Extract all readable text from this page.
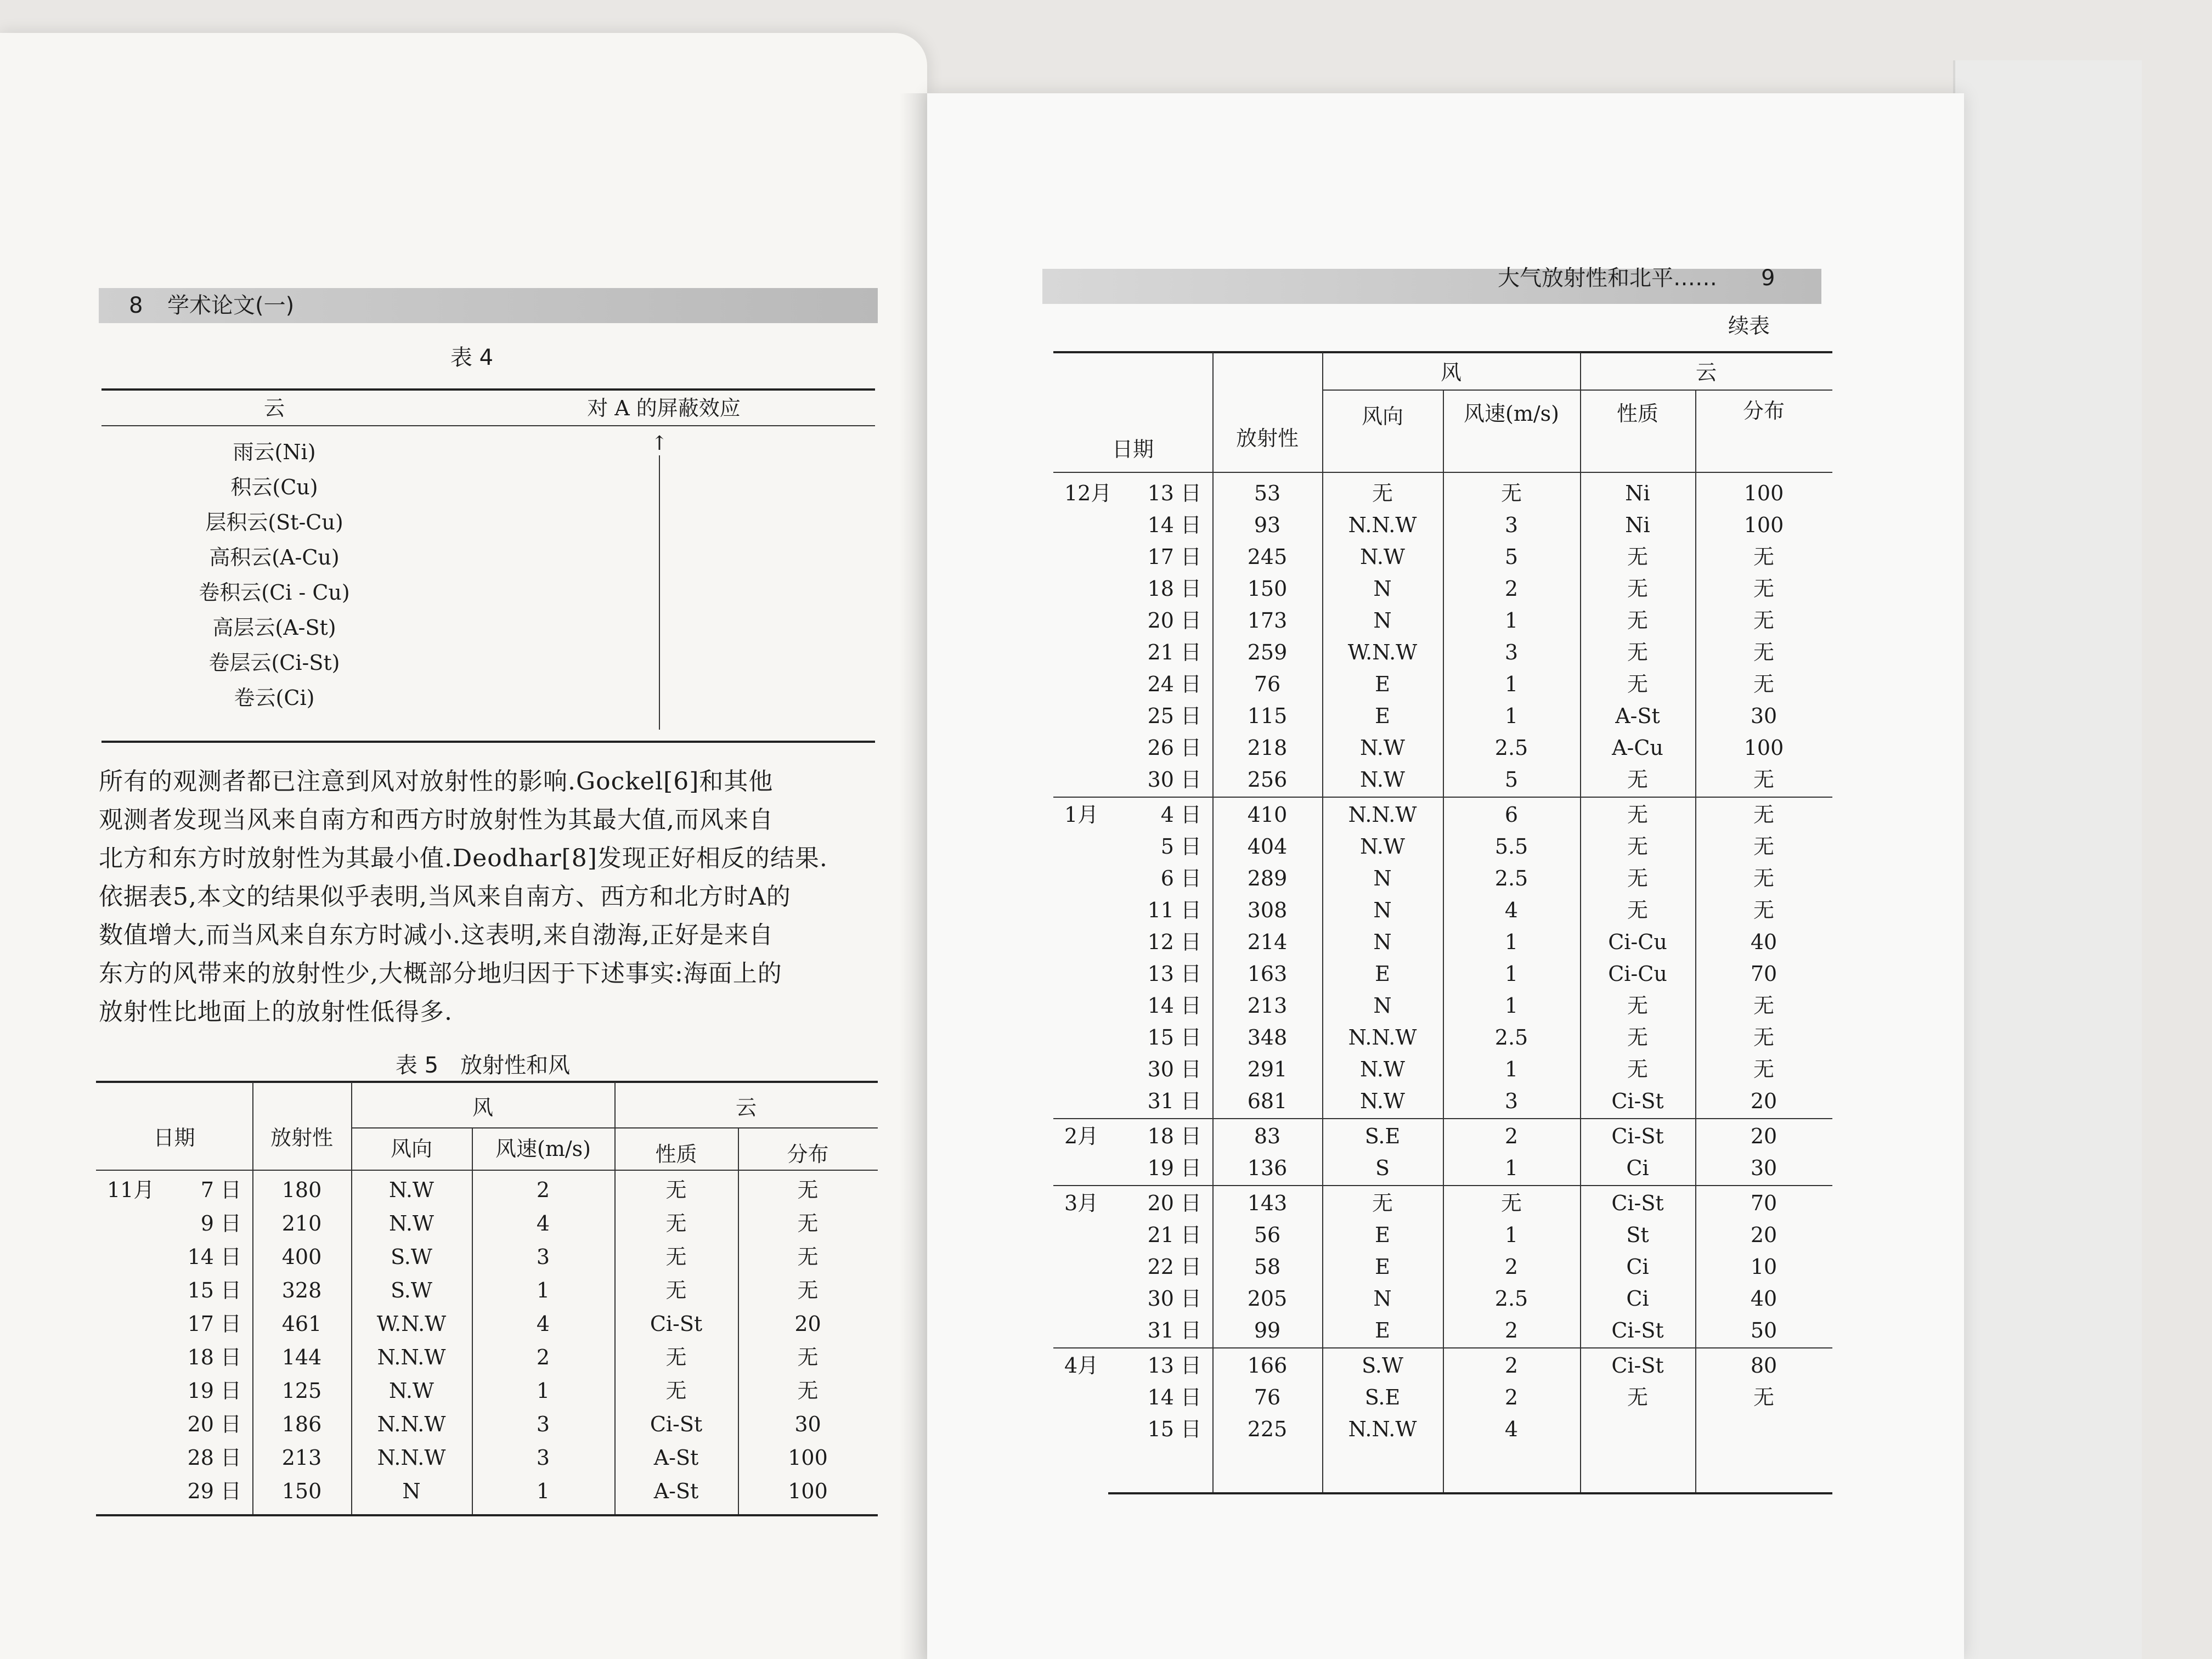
8 学术论文(一)
表 4
云	对 A 的屏蔽效应
雨云(Ni)
积云(Cu)
层积云(St-Cu)
高积云(A-Cu)
卷积云(Ci - Cu)
高层云(A-St)
卷层云(Ci-St)
卷云(Ci)
↑
所有的观测者都已注意到风对放射性的影响.Gockel[6]和其他
观测者发现当风来自南方和西方时放射性为其最大值,而风来自
北方和东方时放射性为其最小值.Deodhar[8]发现正好相反的结果.
依据表5,本文的结果似乎表明,当风来自南方、西方和北方时A的
数值增大,而当风来自东方时减小.这表明,来自渤海,正好是来自
东方的风带来的放射性少,大概部分地归因于下述事实:海面上的
放射性比地面上的放射性低得多.
表 5　放射性和风
风	云
日期	放射性	风向	风速(m/s)	性质	分布
11月	7 日	180	N.W	2	无	无
9 日	210	N.W	4	无	无
14 日	400	S.W	3	无	无
15 日	328	S.W	1	无	无
17 日	461	W.N.W	4	Ci-St	20
18 日	144	N.N.W	2	无	无
19 日	125	N.W	1	无	无
20 日	186	N.N.W	3	Ci-St	30
28 日	213	N.N.W	3	A-St	100
29 日	150	N	1	A-St	100
大气放射性和北平…… 9
续表
风	云
日期	放射性
风向	风速(m/s)	性质	分布
12月	13 日	53	无	无	Ni	100
14 日	93	N.N.W	3	Ni	100
17 日	245	N.W	5	无	无
18 日	150	N	2	无	无
20 日	173	N	1	无	无
21 日	259	W.N.W	3	无	无
24 日	76	E	1	无	无
25 日	115	E	1	A-St	30
26 日	218	N.W	2.5	A-Cu	100
30 日	256	N.W	5	无	无
1月	4 日	410	N.N.W	6	无	无
5 日	404	N.W	5.5	无	无
6 日	289	N	2.5	无	无
11 日	308	N	4	无	无
12 日	214	N	1	Ci-Cu	40
13 日	163	E	1	Ci-Cu	70
14 日	213	N	1	无	无
15 日	348	N.N.W	2.5	无	无
30 日	291	N.W	1	无	无
31 日	681	N.W	3	Ci-St	20
2月	18 日	83	S.E	2	Ci-St	20
19 日	136	S	1	Ci	30
3月	20 日	143	无	无	Ci-St	70
21 日	56	E	1	St	20
22 日	58	E	2	Ci	10
30 日	205	N	2.5	Ci	40
31 日	99	E	2	Ci-St	50
4月	13 日	166	S.W	2	Ci-St	80
14 日	76	S.E	2	无	无
15 日	225	N.N.W	4
